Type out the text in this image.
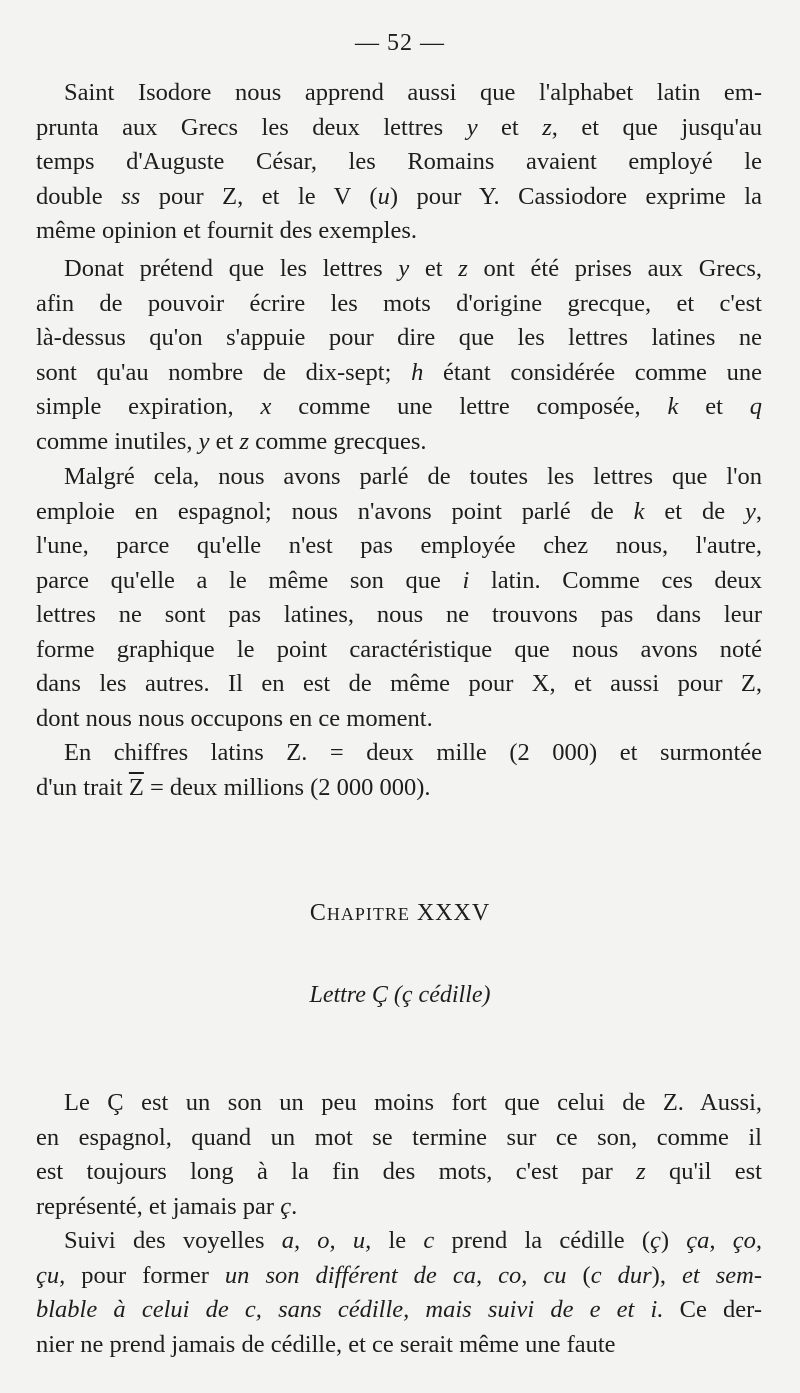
— 52 —
Saint Isodore nous apprend aussi que l'alphabet latin em-
prunta aux Grecs les deux lettres y et z, et que jusqu'au
temps d'Auguste César, les Romains avaient employé le
double ss pour Z, et le V (u) pour Y. Cassiodore exprime la
même opinion et fournit des exemples.
Donat prétend que les lettres y et z ont été prises aux Grecs,
afin de pouvoir écrire les mots d'origine grecque, et c'est
là-dessus qu'on s'appuie pour dire que les lettres latines ne
sont qu'au nombre de dix-sept; h étant considérée comme une
simple expiration, x comme une lettre composée, k et q
comme inutiles, y et z comme grecques.
Malgré cela, nous avons parlé de toutes les lettres que l'on
emploie en espagnol; nous n'avons point parlé de k et de y,
l'une, parce qu'elle n'est pas employée chez nous, l'autre,
parce qu'elle a le même son que i latin. Comme ces deux
lettres ne sont pas latines, nous ne trouvons pas dans leur
forme graphique le point caractéristique que nous avons noté
dans les autres. Il en est de même pour X, et aussi pour Z,
dont nous nous occupons en ce moment.
En chiffres latins Z. = deux mille (2 000) et surmontée
d'un trait $\overline{Z}$ = deux millions (2 000 000).
CHAPITRE XXXV
Lettre Ç (ç cédille)
Le Ç est un son un peu moins fort que celui de Z. Aussi,
en espagnol, quand un mot se termine sur ce son, comme il
est toujours long à la fin des mots, c'est par z qu'il est
représenté, et jamais par ç.
Suivi des voyelles a, o, u, le c prend la cédille (ç) ça, ço,
çu, pour former un son différent de ca, co, cu (c dur), et sem-
blable à celui de c, sans cédille, mais suivi de e et i. Ce der-
nier ne prend jamais de cédille, et ce serait même une faute
